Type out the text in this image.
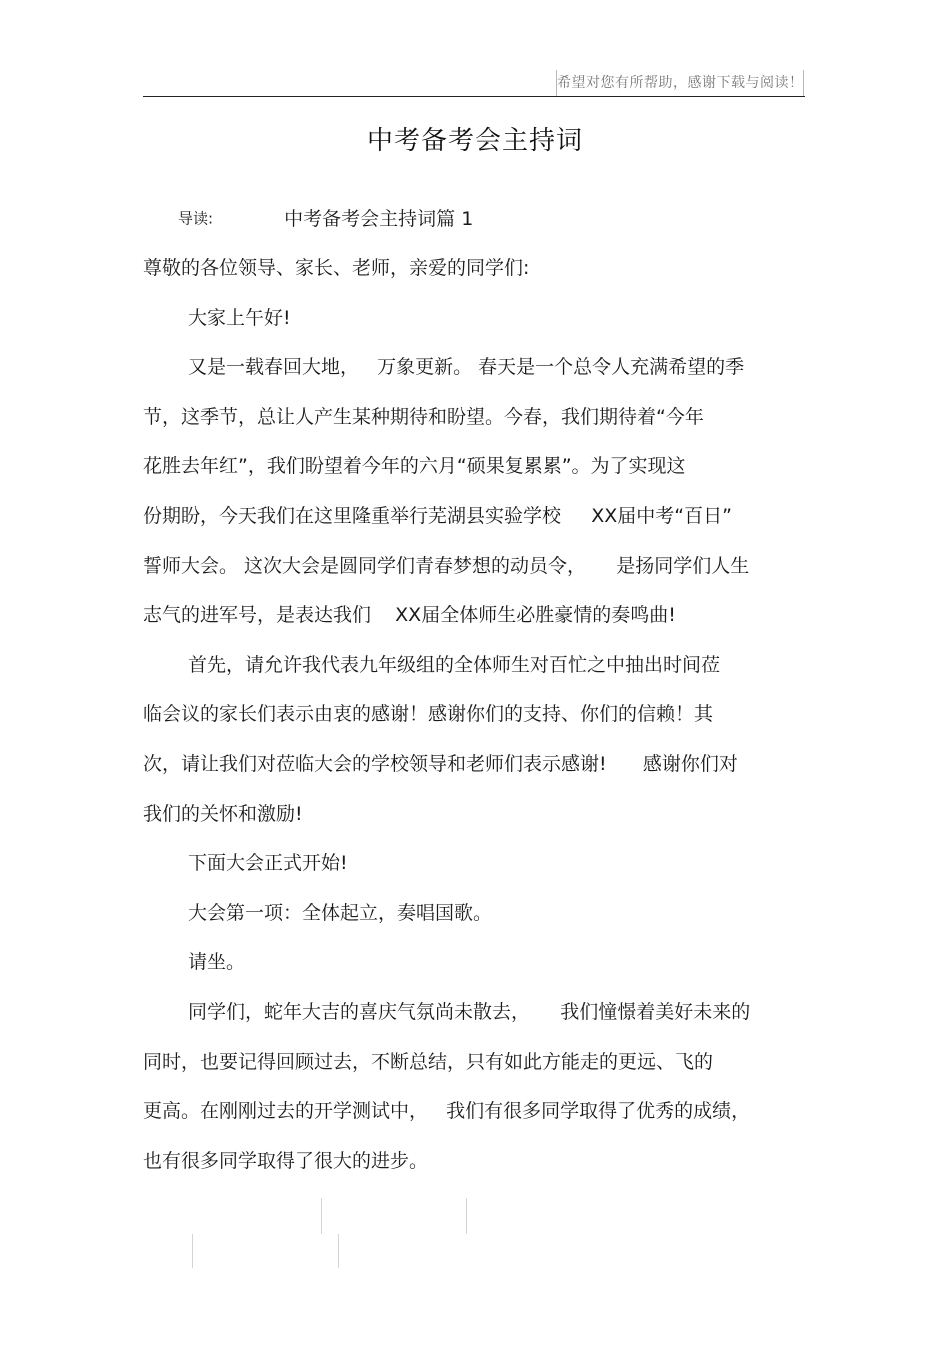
希望对您有所帮助，感谢下载与阅读！
中考备考会主持词
导读:	中考备考会主持词篇 1
尊敬的各位领导、家长、老师，亲爱的同学们:
大家上午好!
又是一载春回大地，   万象更新。 春天是一个总令人充满希望的季
节，这季节，总让人产生某种期待和盼望。今春，我们期待着“今年
花胜去年红”，我们盼望着今年的六月“硕果复累累”。为了实现这
份期盼，今天我们在这里隆重举行芜湖县实验学校     XX届中考“百日”
誓师大会。 这次大会是圆同学们青春梦想的动员令，     是扬同学们人生
志气的进军号，是表达我们    XX届全体师生必胜豪情的奏鸣曲!
首先，请允许我代表九年级组的全体师生对百忙之中抽出时间莅
临会议的家长们表示由衷的感谢！感谢你们的支持、你们的信赖！其
次，请让我们对莅临大会的学校领导和老师们表示感谢!      感谢你们对
我们的关怀和激励!
下面大会正式开始!
大会第一项：全体起立，奏唱国歌。
请坐。
同学们，蛇年大吉的喜庆气氛尚未散去，     我们憧憬着美好未来的
同时，也要记得回顾过去，不断总结，只有如此方能走的更远、飞的
更高。在刚刚过去的开学测试中，   我们有很多同学取得了优秀的成绩，
也有很多同学取得了很大的进步。
